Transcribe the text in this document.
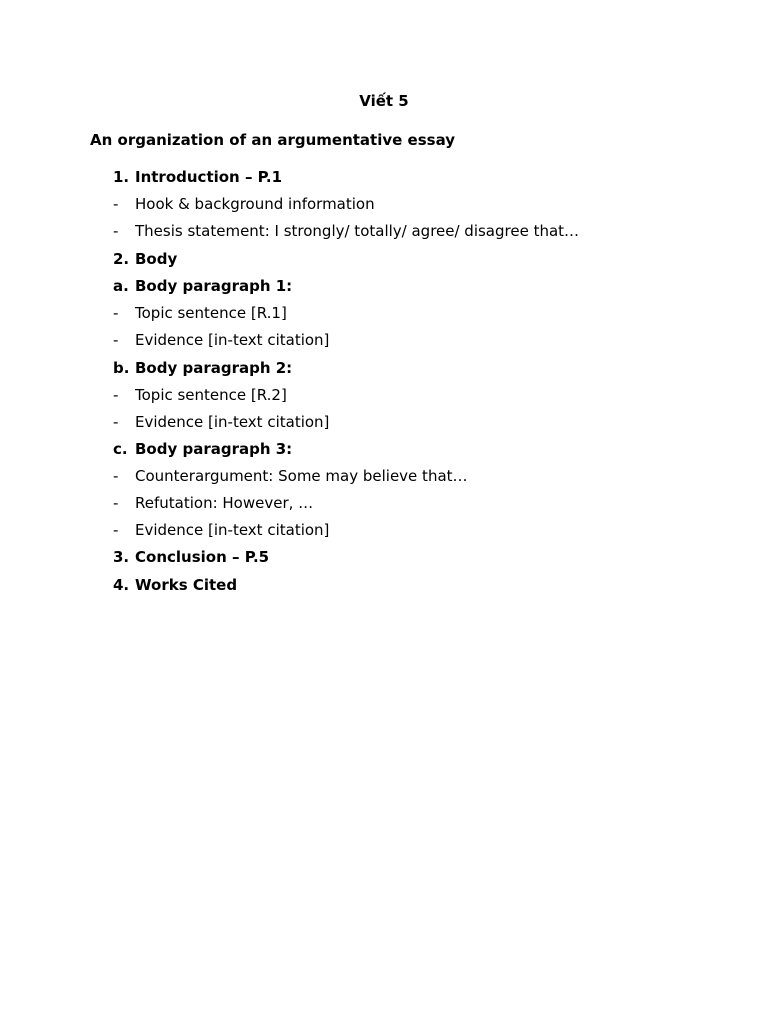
Viết 5
An organization of an argumentative essay
1. Introduction – P.1
- Hook & background information
- Thesis statement: I strongly/ totally/ agree/ disagree that…
2. Body
a. Body paragraph 1:
- Topic sentence [R.1]
- Evidence [in-text citation]
b. Body paragraph 2:
- Topic sentence [R.2]
- Evidence [in-text citation]
c. Body paragraph 3:
- Counterargument: Some may believe that…
- Refutation: However, …
- Evidence [in-text citation]
3. Conclusion – P.5
4. Works Cited
